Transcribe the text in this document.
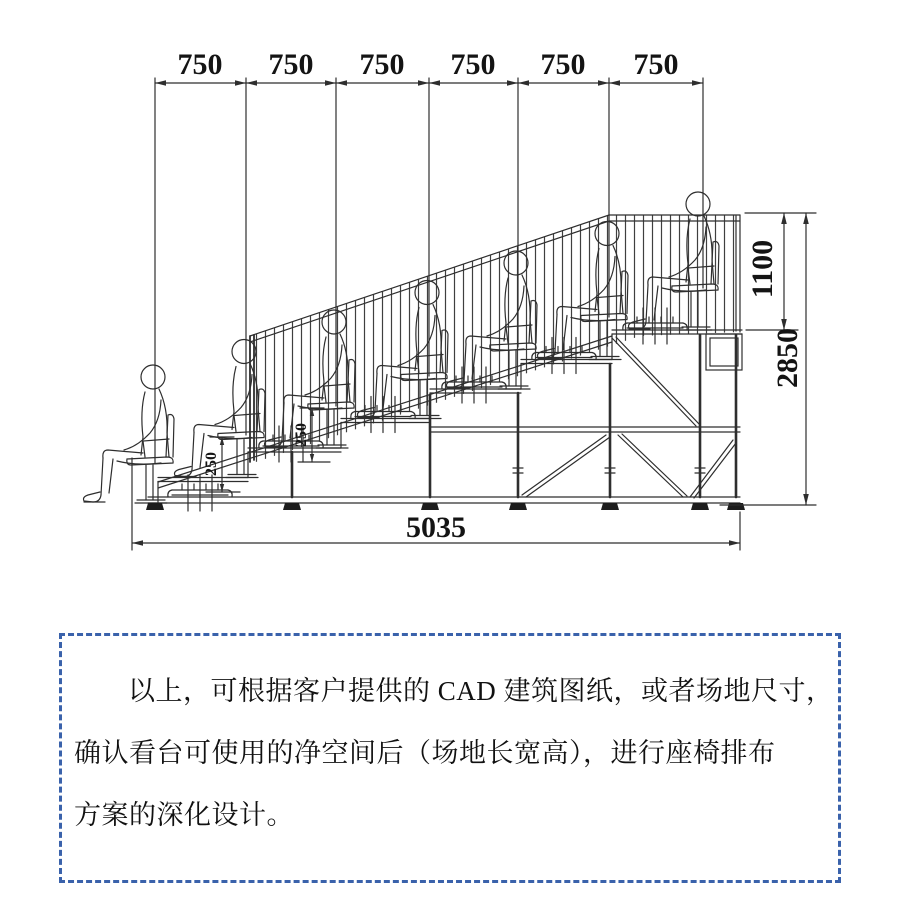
750 750 750 750 750 750
5035
1100
2850
250
250

以上，可根据客户提供的 CAD 建筑图纸，或者场地尺寸，

确认看台可使用的净空间后（场地长宽高），进行座椅排布

方案的深化设计。
